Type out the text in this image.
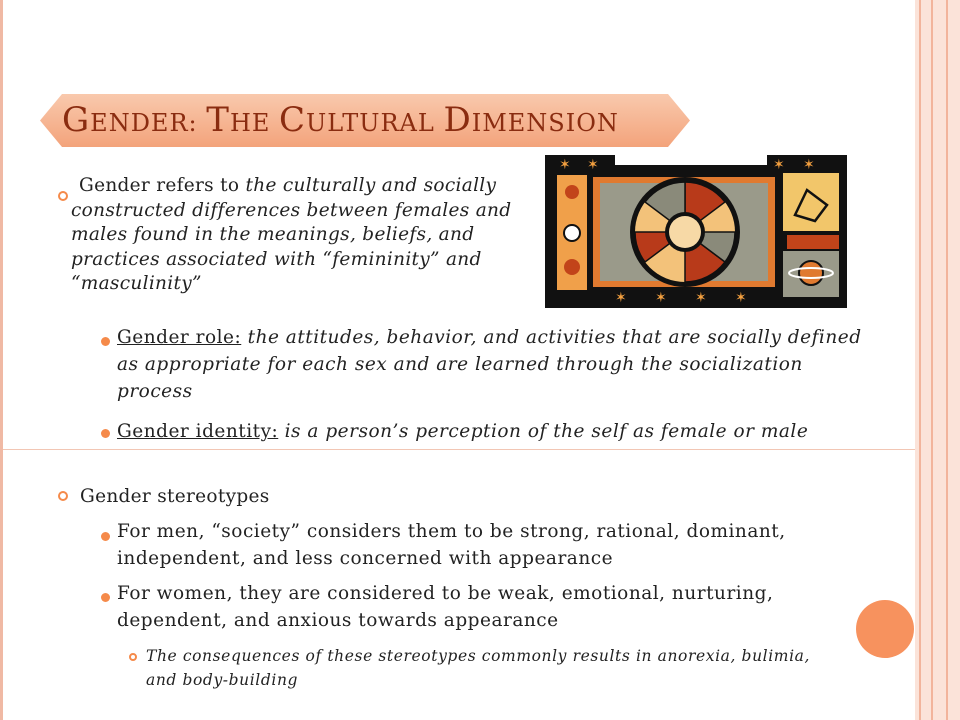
GENDER: THE CULTURAL DIMENSION
✶ ✶	✶ ✶
✶ ✶ ✶ ✶
Gender refers to the culturally and socially constructed differences between females and males found in the meanings, beliefs, and practices associated with “femininity” and “masculinity”
Gender role: the attitudes, behavior, and activities that are socially defined as appropriate for each sex and are learned through the socialization process
Gender identity: is a person’s perception of the self as female or male
Gender stereotypes
For men, “society” considers them to be strong, rational, dominant, independent, and less concerned with appearance
For women, they are considered to be weak, emotional, nurturing, dependent, and anxious towards appearance
The consequences of these stereotypes commonly results in anorexia, bulimia, and body-building
